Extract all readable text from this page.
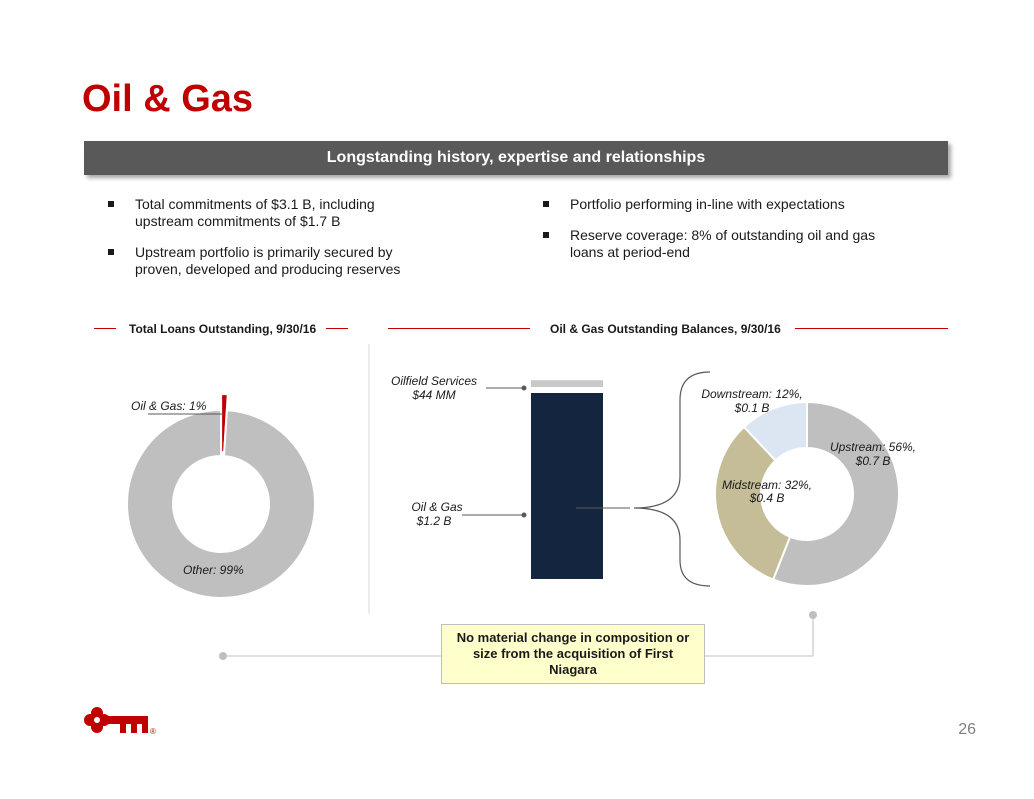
Oil & Gas
Longstanding history, expertise and relationships
Total commitments of $3.1 B, including upstream commitments of $1.7 B
Upstream portfolio is primarily secured by proven, developed and producing reserves
Portfolio performing in-line with expectations
Reserve coverage: 8% of outstanding oil and gas loans at period-end
Total Loans Outstanding, 9/30/16	Oil & Gas Outstanding Balances, 9/30/16
Oil & Gas: 1%
Other: 99%
Oilfield Services
$44 MM
Oil & Gas
$1.2 B
Downstream: 12%,
$0.1 B
Upstream: 56%,
$0.7 B
Midstream: 32%,
$0.4 B
No material change in composition or size from the acquisition of First Niagara
®	26
